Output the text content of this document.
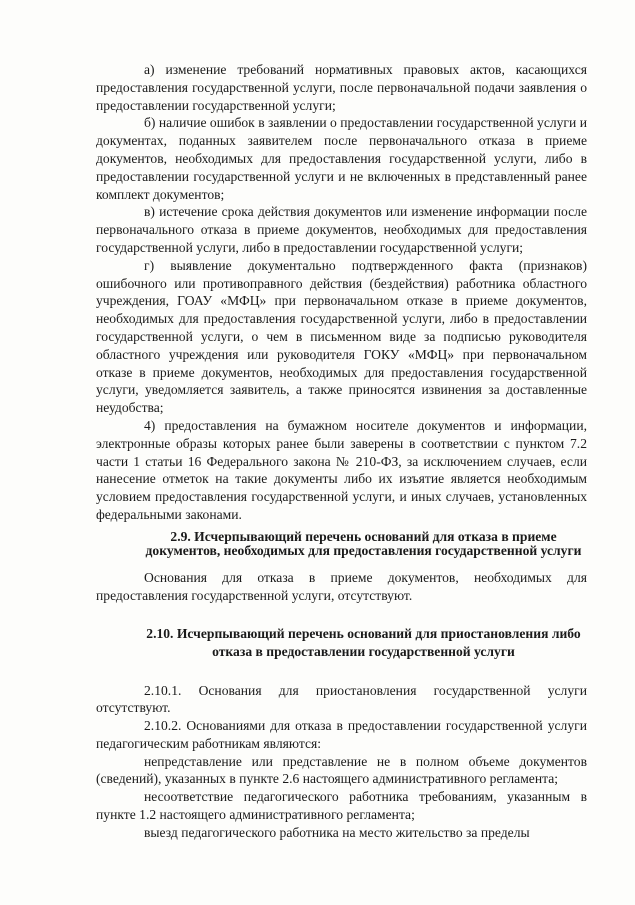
а) изменение требований нормативных правовых актов, касающихся предоставления государственной услуги, после первоначальной подачи заявления о предоставлении государственной услуги;

б) наличие ошибок в заявлении о предоставлении государственной услуги и документах, поданных заявителем после первоначального отказа в приеме документов, необходимых для предоставления государственной услуги, либо в предоставлении государственной услуги и не включенных в представленный ранее комплект документов;

в) истечение срока действия документов или изменение информации после первоначального отказа в приеме документов, необходимых для предоставления государственной услуги, либо в предоставлении государственной услуги;

г) выявление документально подтвержденного факта (признаков) ошибочного или противоправного действия (бездействия) работника областного учреждения, ГОАУ «МФЦ» при первоначальном отказе в приеме документов, необходимых для предоставления государственной услуги, либо в предоставлении государственной услуги, о чем в письменном виде за подписью руководителя областного учреждения или руководителя ГОКУ «МФЦ» при первоначальном отказе в приеме документов, необходимых для предоставления государственной услуги, уведомляется заявитель, а также приносятся извинения за доставленные неудобства;

4) предоставления на бумажном носителе документов и информации, электронные образы которых ранее были заверены в соответствии с пунктом 7.2 части 1 статьи 16 Федерального закона № 210-ФЗ, за исключением случаев, если нанесение отметок на такие документы либо их изъятие является необходимым условием предоставления государственной услуги, и иных случаев, установленных федеральными законами.

2.9. Исчерпывающий перечень оснований для отказа в приеме документов, необходимых для предоставления государственной услуги

Основания для отказа в приеме документов, необходимых для предоставления государственной услуги, отсутствуют.

2.10. Исчерпывающий перечень оснований для приостановления либо отказа в предоставлении государственной услуги

2.10.1. Основания для приостановления государственной услуги отсутствуют.

2.10.2. Основаниями для отказа в предоставлении государственной услуги педагогическим работникам являются:

непредставление или представление не в полном объеме документов (сведений), указанных в пункте 2.6 настоящего административного регламента;

несоответствие педагогического работника требованиям, указанным в пункте 1.2 настоящего административного регламента;

выезд педагогического работника на место жительство за пределы
